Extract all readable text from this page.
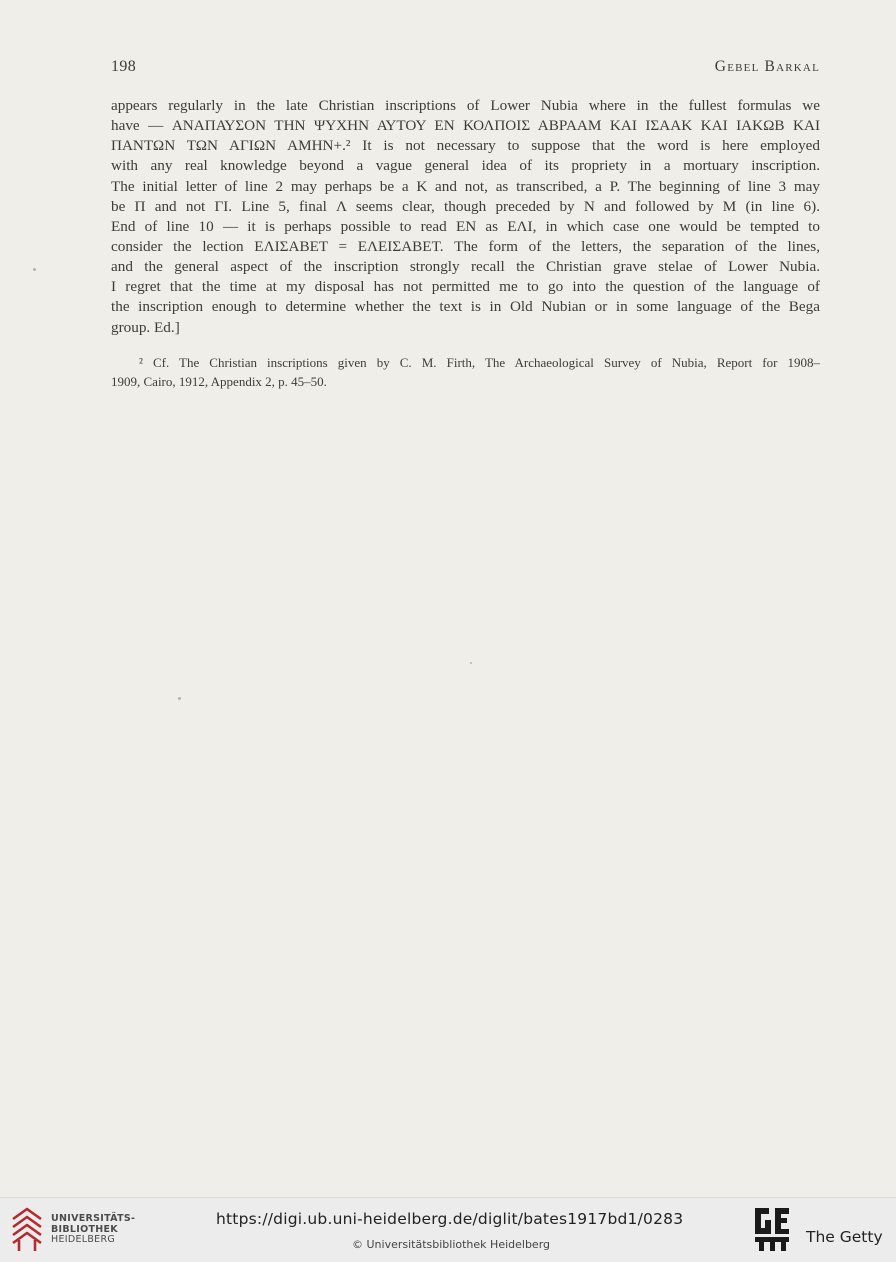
198	Gebel Barkal
appears regularly in the late Christian inscriptions of Lower Nubia where in the fullest formulas we
have — ΑΝΑΠΑΥΣΟΝ ΤΗΝ ΨΥΧΗΝ ΑΥΤΟΥ ΕΝ ΚΟΛΠΟΙΣ ΑΒΡΑΑΜ ΚΑΙ ΙΣΑΑΚ ΚΑΙ ΙΑΚΩΒ ΚΑΙ
ΠΑΝΤΩΝ ΤΩΝ ΑΓΙΩΝ ΑΜΗΝ+.² It is not necessary to suppose that the word is here employed
with any real knowledge beyond a vague general idea of its propriety in a mortuary inscription.
The initial letter of line 2 may perhaps be a K and not, as transcribed, a P. The beginning of line 3 may
be Π and not ΓΙ. Line 5, final Λ seems clear, though preceded by N and followed by M (in line 6).
End of line 10 — it is perhaps possible to read EN as ΕΛΙ, in which case one would be tempted to
consider the lection ΕΛΙΣΑΒΕΤ = ΕΛΕΙΣΑΒΕΤ. The form of the letters, the separation of the lines,
and the general aspect of the inscription strongly recall the Christian grave stelae of Lower Nubia.
I regret that the time at my disposal has not permitted me to go into the question of the language of
the inscription enough to determine whether the text is in Old Nubian or in some language of the Bega
group. Ed.]
² Cf. The Christian inscriptions given by C. M. Firth, The Archaeological Survey of Nubia, Report for 1908–
1909, Cairo, 1912, Appendix 2, p. 45–50.
UNIVERSITÄTS-
BIBLIOTHEK
HEIDELBERG
https://digi.ub.uni-heidelberg.de/diglit/bates1917bd1/0283
© Universitätsbibliothek Heidelberg	The Getty
